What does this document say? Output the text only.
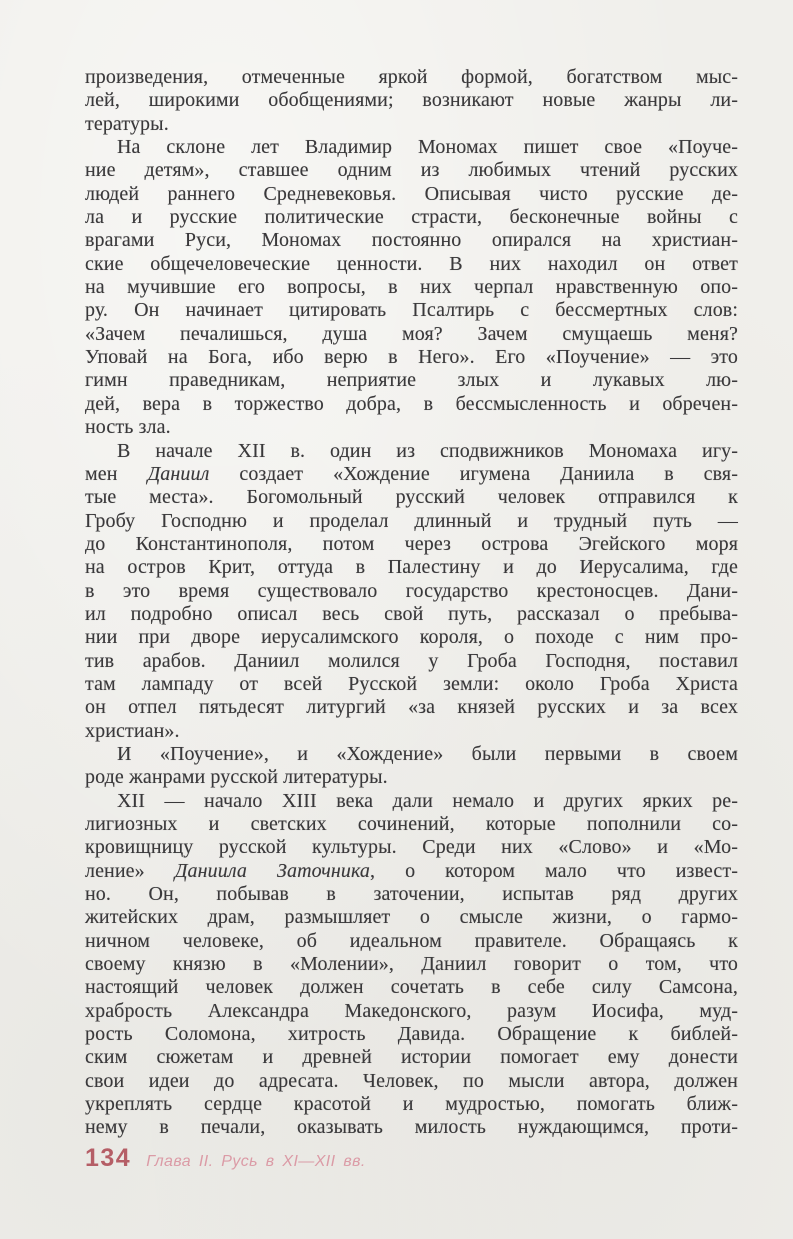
произведения, отмеченные яркой формой, богатством мыс-
лей, широкими обобщениями; возникают новые жанры ли-
тературы.
На склоне лет Владимир Мономах пишет свое «Поуче-
ние детям», ставшее одним из любимых чтений русских
людей раннего Средневековья. Описывая чисто русские де-
ла и русские политические страсти, бесконечные войны с
врагами Руси, Мономах постоянно опирался на христиан-
ские общечеловеческие ценности. В них находил он ответ
на мучившие его вопросы, в них черпал нравственную опо-
ру. Он начинает цитировать Псалтирь с бессмертных слов:
«Зачем печалишься, душа моя? Зачем смущаешь меня?
Уповай на Бога, ибо верю в Него». Его «Поучение» — это
гимн праведникам, неприятие злых и лукавых лю-
дей, вера в торжество добра, в бессмысленность и обречен-
ность зла.
В начале XII в. один из сподвижников Мономаха игу-
мен Даниил создает «Хождение игумена Даниила в свя-
тые места». Богомольный русский человек отправился к
Гробу Господню и проделал длинный и трудный путь —
до Константинополя, потом через острова Эгейского моря
на остров Крит, оттуда в Палестину и до Иерусалима, где
в это время существовало государство крестоносцев. Дани-
ил подробно описал весь свой путь, рассказал о пребыва-
нии при дворе иерусалимского короля, о походе с ним про-
тив арабов. Даниил молился у Гроба Господня, поставил
там лампаду от всей Русской земли: около Гроба Христа
он отпел пятьдесят литургий «за князей русских и за всех
христиан».
И «Поучение», и «Хождение» были первыми в своем
роде жанрами русской литературы.
XII — начало XIII века дали немало и других ярких ре-
лигиозных и светских сочинений, которые пополнили со-
кровищницу русской культуры. Среди них «Слово» и «Мо-
ление» Даниила Заточника, о котором мало что извест-
но. Он, побывав в заточении, испытав ряд других
житейских драм, размышляет о смысле жизни, о гармо-
ничном человеке, об идеальном правителе. Обращаясь к
своему князю в «Молении», Даниил говорит о том, что
настоящий человек должен сочетать в себе силу Самсона,
храбрость Александра Македонского, разум Иосифа, муд-
рость Соломона, хитрость Давида. Обращение к библей-
ским сюжетам и древней истории помогает ему донести
свои идеи до адресата. Человек, по мысли автора, должен
укреплять сердце красотой и мудростью, помогать ближ-
нему в печали, оказывать милость нуждающимся, проти-
134 Глава II. Русь в XI—XII вв.
